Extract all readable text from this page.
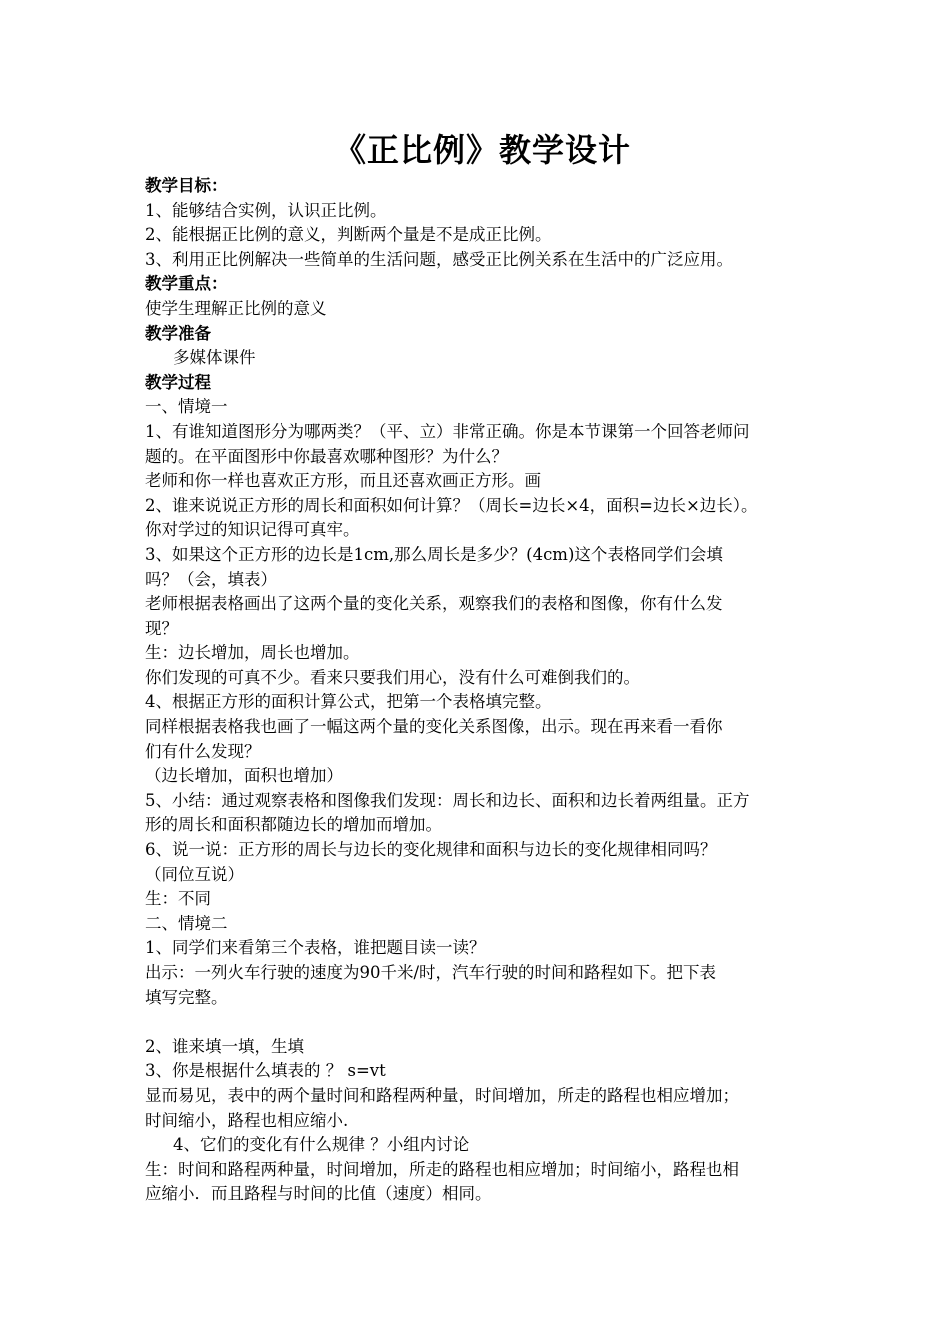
《正比例》教学设计
教学目标：
1、能够结合实例，认识正比例。
2、能根据正比例的意义，判断两个量是不是成正比例。
3、利用正比例解决一些简单的生活问题，感受正比例关系在生活中的广泛应用。
教学重点：
使学生理解正比例的意义
教学准备
多媒体课件
教学过程
一、情境一
1、有谁知道图形分为哪两类？（平、立）非常正确。你是本节课第一个回答老师问
题的。在平面图形中你最喜欢哪种图形？为什么？
老师和你一样也喜欢正方形，而且还喜欢画正方形。画
2、谁来说说正方形的周长和面积如何计算？（周长=边长×4，面积=边长×边长）。
你对学过的知识记得可真牢。
3、如果这个正方形的边长是1cm,那么周长是多少？(4cm)这个表格同学们会填
吗？（会，填表）
老师根据表格画出了这两个量的变化关系，观察我们的表格和图像，你有什么发
现？
生：边长增加，周长也增加。
你们发现的可真不少。看来只要我们用心，没有什么可难倒我们的。
4、根据正方形的面积计算公式，把第一个表格填完整。
同样根据表格我也画了一幅这两个量的变化关系图像，出示。现在再来看一看你
们有什么发现？
（边长增加，面积也增加）
5、小结：通过观察表格和图像我们发现：周长和边长、面积和边长着两组量。正方
形的周长和面积都随边长的增加而增加。
6、说一说：正方形的周长与边长的变化规律和面积与边长的变化规律相同吗？
（同位互说）
生：不同
二、情境二
1、同学们来看第三个表格，谁把题目读一读？
出示：一列火车行驶的速度为90千米/时，汽车行驶的时间和路程如下。把下表
填写完整。
2、谁来填一填，生填
3、你是根据什么填表的 ？ s=vt
显而易见，表中的两个量时间和路程两种量，时间增加，所走的路程也相应增加；
时间缩小，路程也相应缩小.
4、它们的变化有什么规律 ？小组内讨论
生：时间和路程两种量，时间增加，所走的路程也相应增加；时间缩小，路程也相
应缩小．而且路程与时间的比值（速度）相同。
